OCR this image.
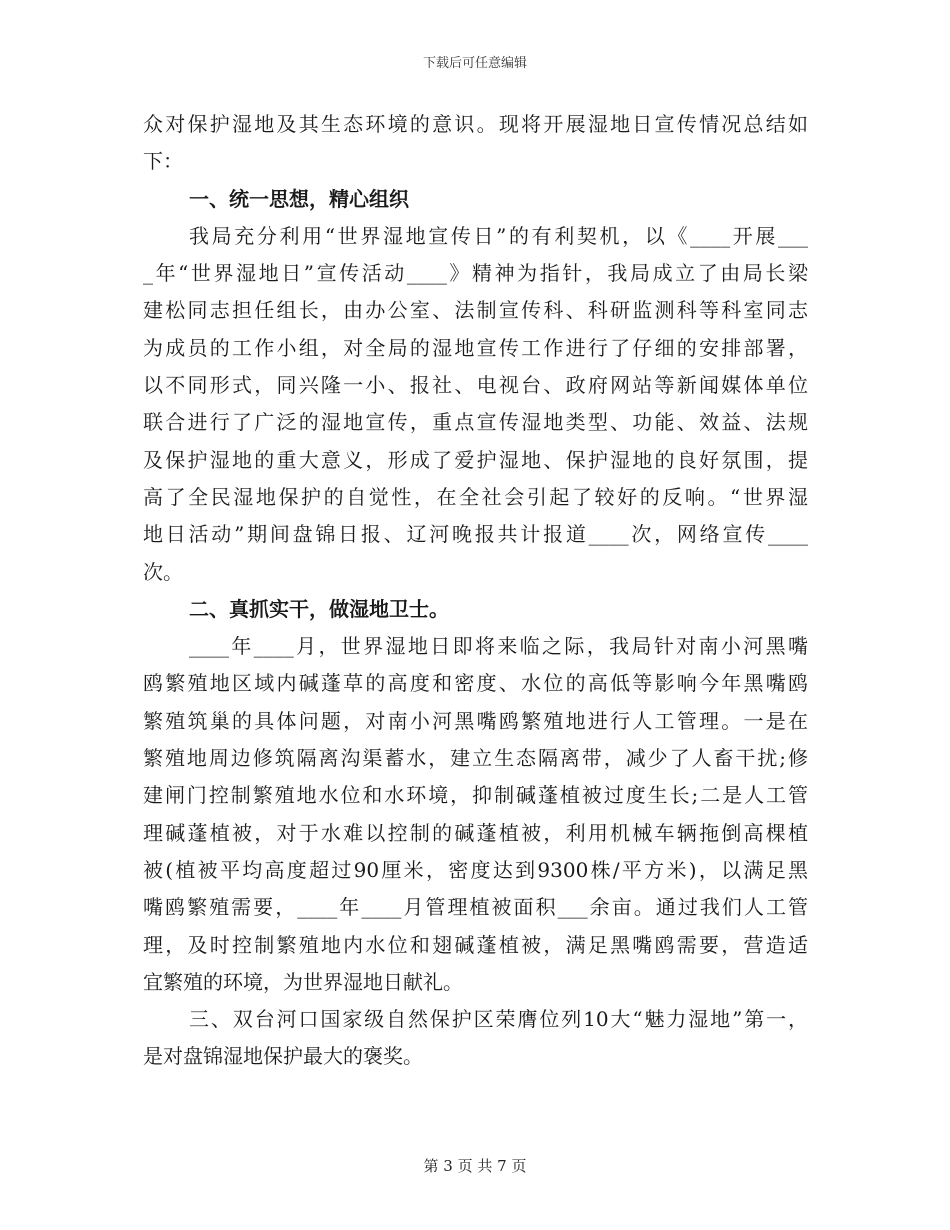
下载后可任意编辑
众对保护湿地及其生态环境的意识。现将开展湿地日宣传情况总结如
下：
一、统一思想，精心组织
我局充分利用“世界湿地宣传日”的有利契机，以《____开展___
_年“世界湿地日”宣传活动____》精神为指针，我局成立了由局长梁
建松同志担任组长，由办公室、法制宣传科、科研监测科等科室同志
为成员的工作小组，对全局的湿地宣传工作进行了仔细的安排部署，
以不同形式，同兴隆一小、报社、电视台、政府网站等新闻媒体单位
联合进行了广泛的湿地宣传，重点宣传湿地类型、功能、效益、法规
及保护湿地的重大意义，形成了爱护湿地、保护湿地的良好氛围，提
高了全民湿地保护的自觉性，在全社会引起了较好的反响。“世界湿
地日活动”期间盘锦日报、辽河晚报共计报道____次，网络宣传____
次。
二、真抓实干，做湿地卫士。
____年____月，世界湿地日即将来临之际，我局针对南小河黑嘴
鸥繁殖地区域内碱蓬草的高度和密度、水位的高低等影响今年黑嘴鸥
繁殖筑巢的具体问题，对南小河黑嘴鸥繁殖地进行人工管理。一是在
繁殖地周边修筑隔离沟渠蓄水，建立生态隔离带，减少了人畜干扰;修
建闸门控制繁殖地水位和水环境，抑制碱蓬植被过度生长;二是人工管
理碱蓬植被，对于水难以控制的碱蓬植被，利用机械车辆拖倒高棵植
被(植被平均高度超过90厘米，密度达到9300株/平方米)，以满足黑
嘴鸥繁殖需要，____年____月管理植被面积___余亩。通过我们人工管
理，及时控制繁殖地内水位和翅碱蓬植被，满足黑嘴鸥需要，营造适
宜繁殖的环境，为世界湿地日献礼。
三、双台河口国家级自然保护区荣膺位列10大“魅力湿地”第一，
是对盘锦湿地保护最大的褒奖。
第 3 页 共 7 页
